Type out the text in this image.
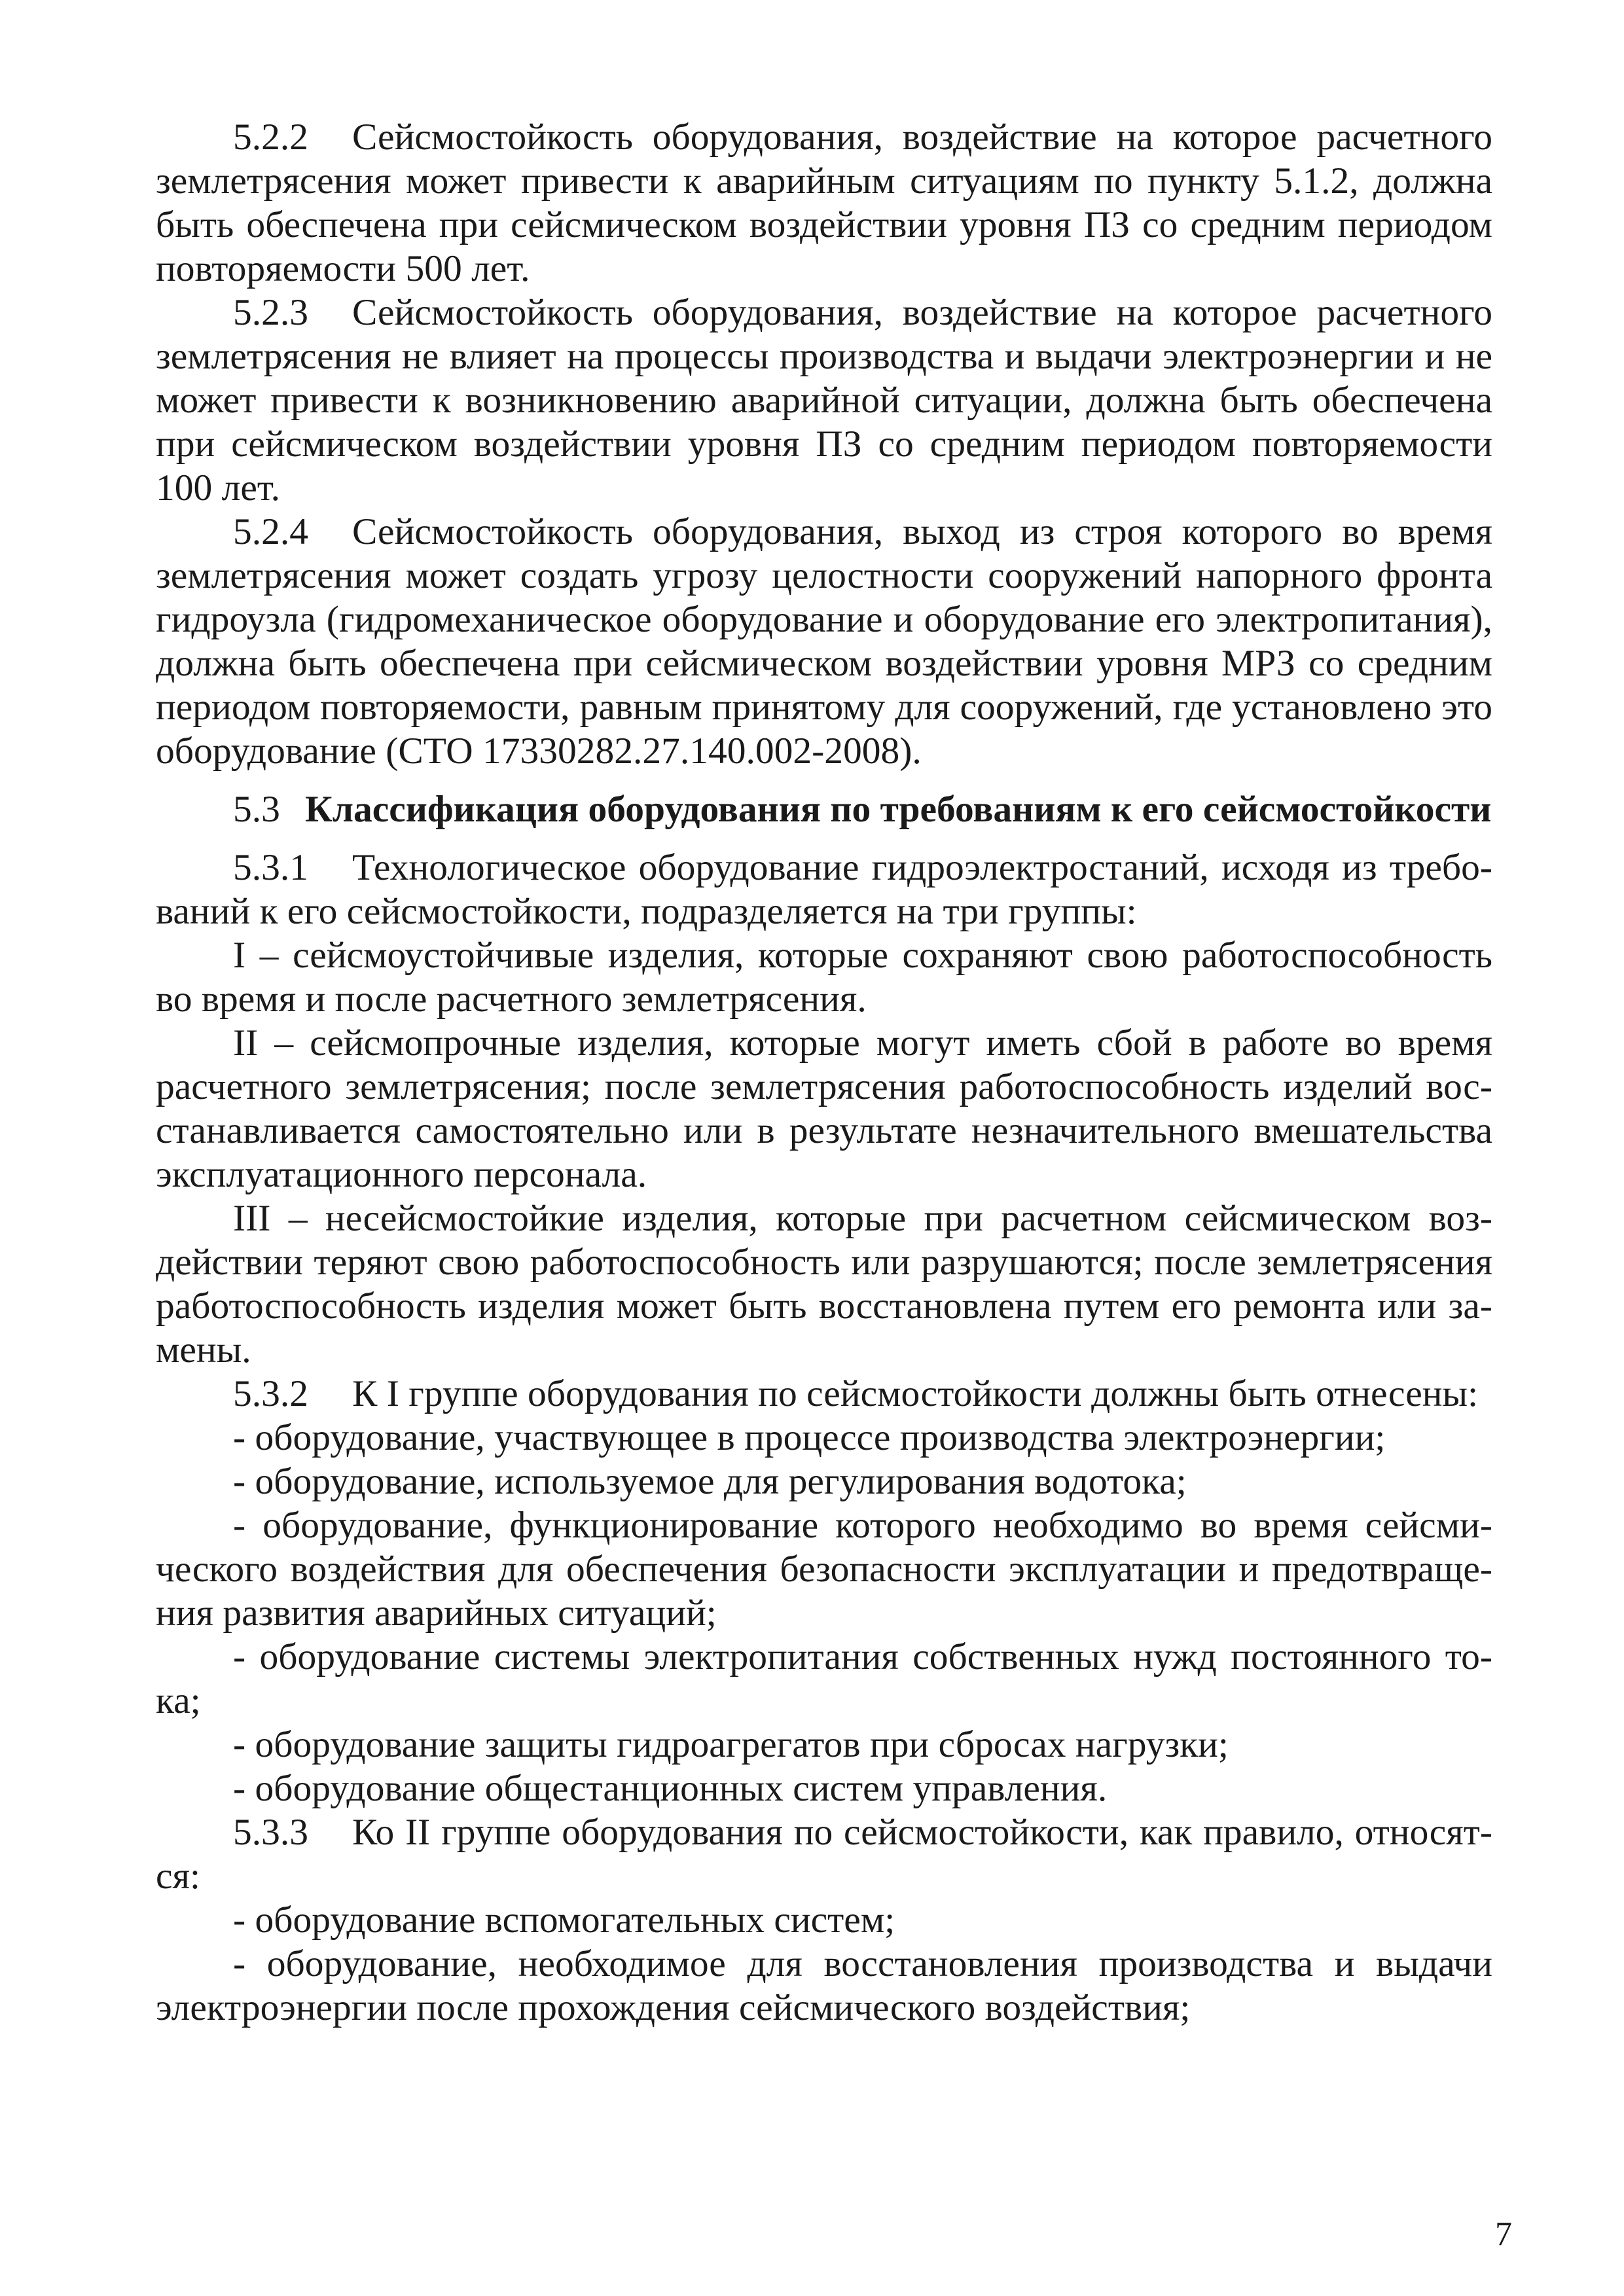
5.2.2 Сейсмостойкость оборудования, воздействие на которое расчетного землетрясения может привести к аварийным ситуациям по пункту 5.1.2, должна быть обеспечена при сейсмическом воздействии уровня ПЗ со средним периодом повторяемости 500 лет.

5.2.3 Сейсмостойкость оборудования, воздействие на которое расчетного землетрясения не влияет на процессы производства и выдачи электроэнергии и не может привести к возникновению аварийной ситуации, должна быть обеспечена при сейсмическом воздействии уровня ПЗ со средним периодом повторяемости 100 лет.

5.2.4 Сейсмостойкость оборудования, выход из строя которого во время землетрясения может создать угрозу целостности сооружений напорного фронта гидроузла (гидромеханическое оборудование и оборудование его электропитания), должна быть обеспечена при сейсмическом воздействии уровня МРЗ со средним периодом повторяемости, равным принятому для сооружений, где установлено это оборудование (СТО 17330282.27.140.002-2008).

5.3 Классификация оборудования по требованиям к его сейсмостойкости

5.3.1 Технологическое оборудование гидроэлектростаний, исходя из требований к его сейсмостойкости, подразделяется на три группы:

I – сейсмоустойчивые изделия, которые сохраняют свою работоспособность во время и после расчетного землетрясения.

II – сейсмопрочные изделия, которые могут иметь сбой в работе во время расчетного землетрясения; после землетрясения работоспособность изделий восстанавливается самостоятельно или в результате незначительного вмешательства эксплуатационного персонала.

III – несейсмостойкие изделия, которые при расчетном сейсмическом воздействии теряют свою работоспособность или разрушаются; после землетрясения работоспособность изделия может быть восстановлена путем его ремонта или замены.

5.3.2 К I группе оборудования по сейсмостойкости должны быть отнесены:

- оборудование, участвующее в процессе производства электроэнергии;

- оборудование, используемое для регулирования водотока;

- оборудование, функционирование которого необходимо во время сейсмического воздействия для обеспечения безопасности эксплуатации и предотвращения развития аварийных ситуаций;

- оборудование системы электропитания собственных нужд постоянного тока;

- оборудование защиты гидроагрегатов при сбросах нагрузки;

- оборудование общестанционных систем управления.

5.3.3 Ко II группе оборудования по сейсмостойкости, как правило, относятся:

- оборудование вспомогательных систем;

- оборудование, необходимое для восстановления производства и выдачи электроэнергии после прохождения сейсмического воздействия;

7
